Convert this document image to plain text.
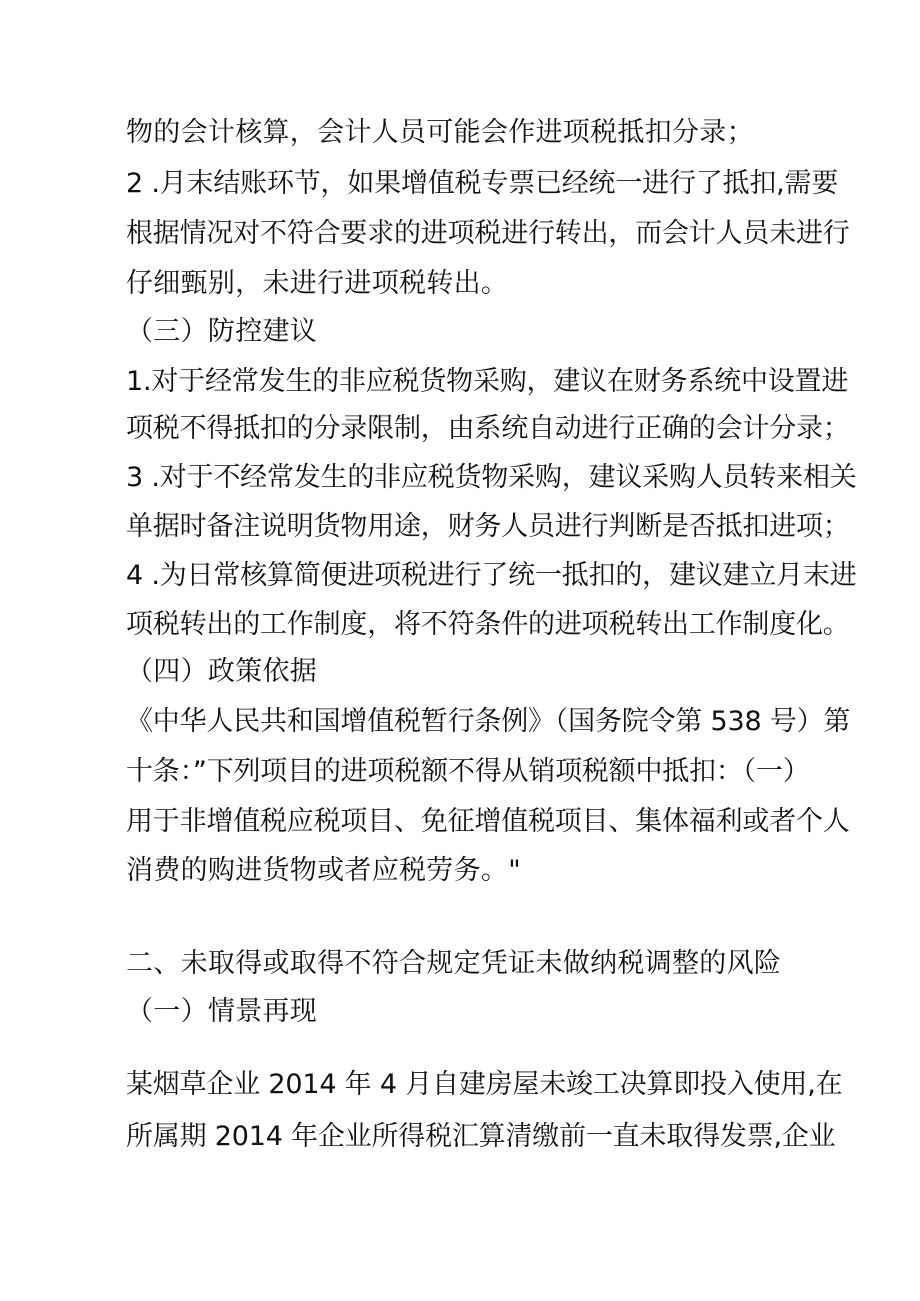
物的会计核算，会计人员可能会作进项税抵扣分录；
2 .月末结账环节，如果增值税专票已经统一进行了抵扣,需要
根据情况对不符合要求的进项税进行转出，而会计人员未进行
仔细甄别，未进行进项税转出。
（三）防控建议
1.对于经常发生的非应税货物采购，建议在财务系统中设置进
项税不得抵扣的分录限制，由系统自动进行正确的会计分录；
3 .对于不经常发生的非应税货物采购，建议采购人员转来相关
单据时备注说明货物用途，财务人员进行判断是否抵扣进项；
4 .为日常核算简便进项税进行了统一抵扣的，建议建立月末进
项税转出的工作制度，将不符条件的进项税转出工作制度化。
（四）政策依据
《中华人民共和国增值税暂行条例》（国务院令第 538 号）第
十条：”下列项目的进项税额不得从销项税额中抵扣：（一）
用于非增值税应税项目、免征增值税项目、集体福利或者个人
消费的购进货物或者应税劳务。"
二、未取得或取得不符合规定凭证未做纳税调整的风险
（一）情景再现
某烟草企业 2014 年 4 月自建房屋未竣工决算即投入使用,在
所属期 2014 年企业所得税汇算清缴前一直未取得发票,企业
